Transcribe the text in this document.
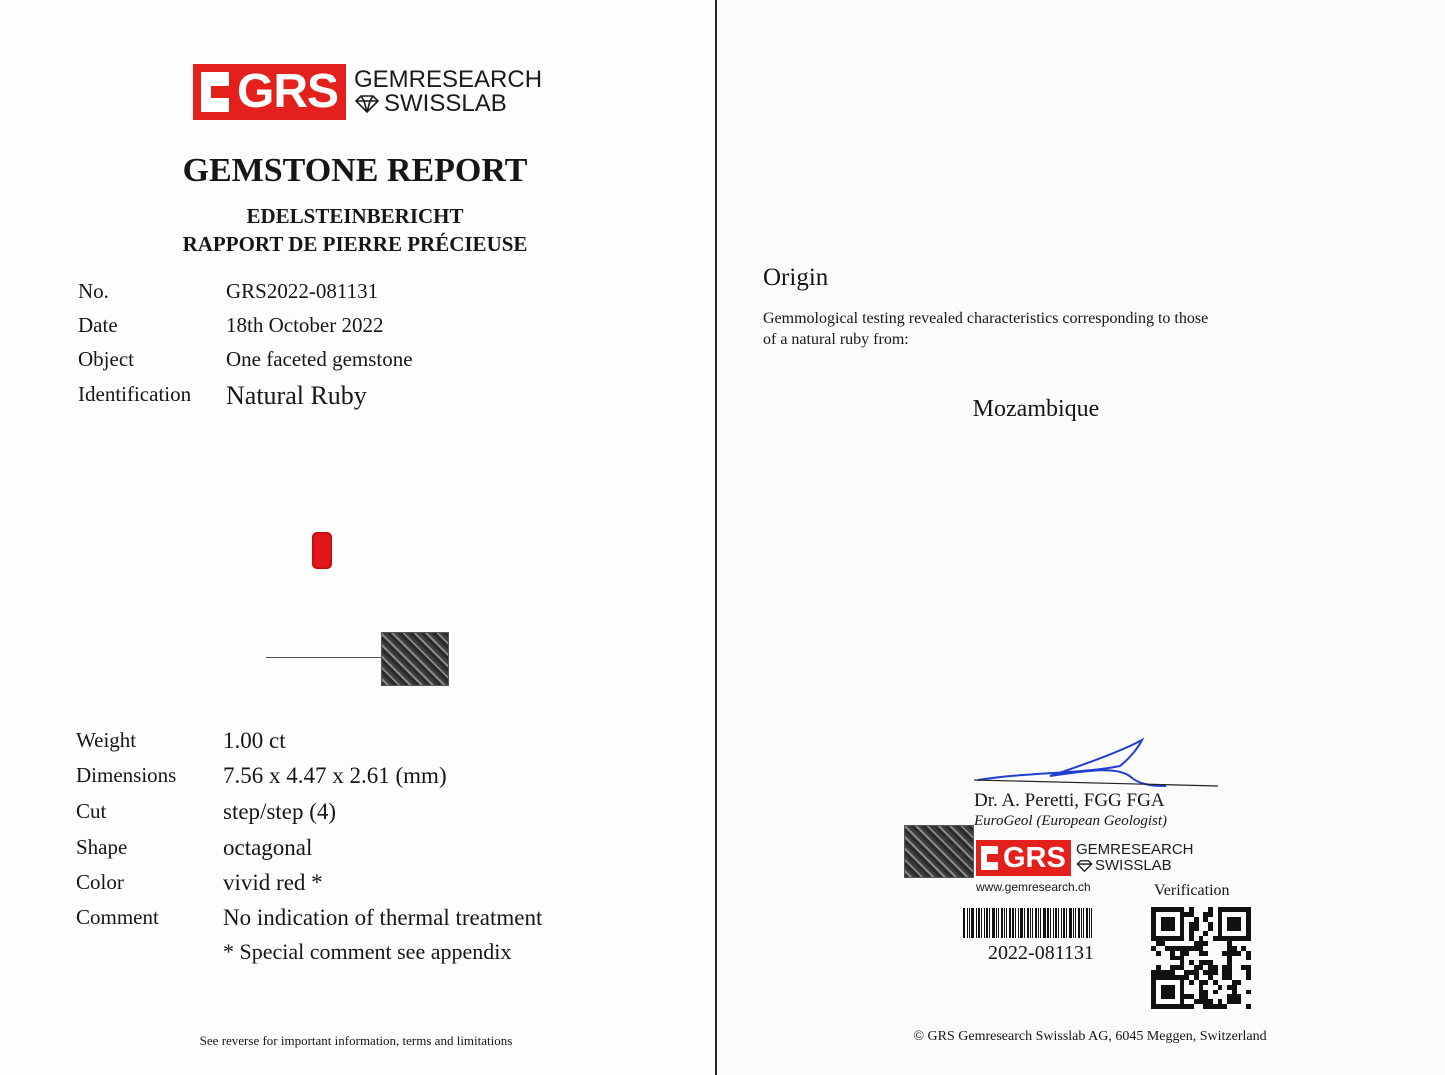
GRS GEMRESEARCH
SWISSLAB
GEMSTONE REPORT
EDELSTEINBERICHT
RAPPORT DE PIERRE PRÉCIEUSE
No.	GRS2022-081131
Date	18th October 2022
Object	One faceted gemstone
Identification Natural Ruby
Weight	1.00 ct
Dimensions 7.56 x 4.47 x 2.61 (mm)
Cut	step/step (4)
Shape	octagonal
Color	vivid red *
Comment	No indication of thermal treatment
* Special comment see appendix
See reverse for important information, terms and limitations
Origin
Gemmological testing revealed characteristics corresponding to those
of a natural ruby from:
Mozambique
Dr. A. Peretti, FGG FGA
EuroGeol (European Geologist)
GRS GEMRESEARCH
SWISSLAB
www.gemresearch.ch	Verification
2022-081131
© GRS Gemresearch Swisslab AG, 6045 Meggen, Switzerland
